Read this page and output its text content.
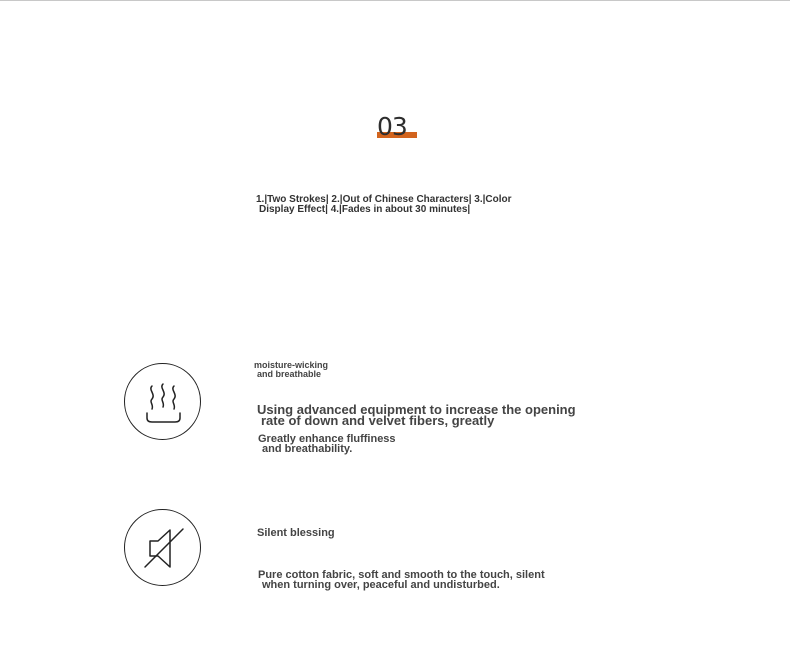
03
1.|Two Strokes| 2.|Out of Chinese Characters| 3.|Color
Display Effect| 4.|Fades in about 30 minutes|
moisture-wicking
and breathable
Using advanced equipment to increase the opening
rate of down and velvet fibers, greatly
Greatly enhance fluffiness
and breathability.
Silent blessing
Pure cotton fabric, soft and smooth to the touch, silent
when turning over, peaceful and undisturbed.
